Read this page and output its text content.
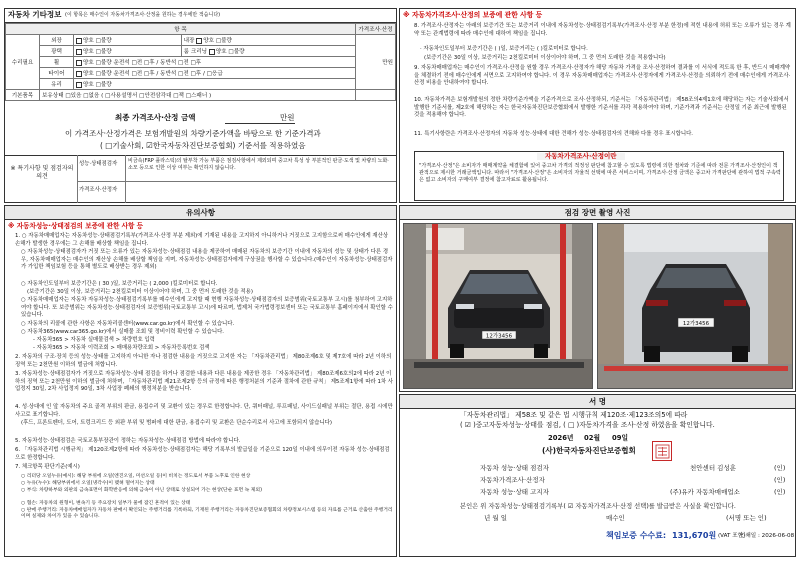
자동차 기타정보 (이 항목은 매수인이 자동차가격조사·산정을 원하는 경우에만 적습니다)
항 목				가격조사·산정
수리필요	외장	양호 □불량	내장 양호 □불량	만원
	광택	양호 □불량	룸 크리닝 양호 □불량	
	휠	양호 □불량 운전석 □전 □후 / 동반석 □전 □후		
	타이어	양호 □불량 운전석 □전 □후 / 동반석 □전 □후 / □응급		
	유리	양호 □불량		
기본품목	보유상태 □있음 □없음 ( □사용설명서 □안전삼각대 □잭 □스패너 )			
최종 가격조사·산정 금액	만원
이 가격조사·산정가격은 보험개발원의 차량기준가액을 바탕으로 한 기준가격과
( □기술사회, ☑한국자동차진단보증협회) 기준서를 적용하였음
※ 특기사항 및 점검자의 의견
성능·상태점검자	비금속(FRP 플라스틱)의 탈부착 가능 부품은 점검사항에서 제외되며 중고차 특성 상 부분적인 판금·도색 및 차량의 노화·소모 등으로 인한 이상 여부는 확인하지 않습니다.
가격조사·산정자
※ 자동차가격조사·산정의 보증에 관한 사항 등
8. 가격조사·산정자는 아래의 보증기간 또는 보증거리 이내에 자동차성능·상태점검기록부(가격조사·산정 부분 한정)에 적힌 내용에 허위 또는 오류가 있는 경우 계약 또는 관계법령에 따라 매수인에 대하여 책임을 집니다.
· 자동차인도일부터 보증기간은 ( )일, 보증거리는 ( )킬로미터로 합니다.
(보증기간은 30일 이상, 보증거리는 2천킬로미터 이상이어야 하며, 그 중 먼저 도래한 것을 적용합니다)
9. 자동차매매업자는 매수인이 가격조사·산정을 원할 경우 가격조사·산정자가 해당 자동차 가격을 조사·산정하여 결과를 이 서식에 적도록 한 후, 반드시 매매계약을 체결하기 전에 매수인에게 서면으로 고지하여야 합니다. 이 경우 자동차매매업자는 가격조사·산정자에게 가격조사·산정을 의뢰하기 전에 매수인에게 가격조사·산정 비용을 안내하여야 합니다.
10. 자동차가격은 보험개발원의 정한 차량기준가액을 기준가격으로 조사·산정하되, 기준서는 「자동차관리법」 제58조의4제1호에 해당하는 자는 기술사회에서 발행한 기준서를, 제2호에 해당하는 자는 한국자동차진단보증협회에서 발행한 기준서를 각각 적용하여야 하며, 기준가격과 기준서는 산정일 기준 최근에 발행된 것을 적용해야 합니다.
11. 특기사항란은 가격조사·산정자의 자동차 성능·상태에 대한 견해가 성능·상태점검자의 견해와 다를 경우 표시합니다.
자동차가격조사·산정이란
"가격조사·산정"은 소비자가 매매계약을 체결함에 있어 중고차 가격의 적정성 판단에 참고할 수 있도록 법령에 의한 절차와 기준에 따라 전문 가격조사·산정인이 객관적으로 제시한 거래금액입니다. 따라서 "가격조사·산정"은 소비자의 자율적 선택에 따른 서비스이며, 가격조사·산정 금액은 중고차 가격판단에 관하여 법적 구속력은 없고 소비자의 구매여부 결정에 참고자료로 활용됩니다.
유의사항
※ 자동차성능·상태점검의 보증에 관한 사항 등
1. ○ 자동차매매업자는 자동차성능·상태점검기록부(가격조사·산정 부분 제외)에 기재된 내용을 고지하지 아니하거나 거짓으로 고지함으로써 매수인에게 재산상 손해가 발생한 경우에는 그 손해를 배상할 책임을 집니다.
○ 자동차성능·상태점검자가 거짓 또는 오류가 있는 자동차성능·상태점검 내용을 제공하여 매매된 자동차의 보증기간 이내에 자동차의 성능 및 상태가 다른 경우, 자동차매매업자는 매수인의 재산상 손해를 배상할 책임을 지며, 자동차성능·상태점검자에게 구상권을 행사할 수 있습니다.(매수인이 자동차성능·상태점검자가 가입한 책임보험 등을 통해 별도로 배상받는 경우 제외)
○ 자동차인도일부터 보증기간은 ( 30 )일, 보증거리는 ( 2,000 )킬로미터로 합니다.
(보증기간은 30일 이상, 보증거리는 2천킬로미터 이상이어야 하며, 그 중 먼저 도래한 것을 적용)
○ 자동차매매업자는 자동차 자동차성능·상태점검기록부를 매수인에게 고지할 때 현행 자동차성능·상태점검자의 보증범위(국토교통부 고시)를 첨부하여 고지하여야 합니다. 또 보증범위는 자동차성능·상태점검자의 보증범위(국토교통부 고시)에 따르며, 법제처 국가법령정보센터 또는 국토교통부 홈페이지에서 확인할 수 있습니다.
○ 자동차의 리콜에 관한 사항은 자동차리콜센터(www.car.go.kr)에서 확인할 수 있습니다.
○ 자동차365(www.car365.go.kr)에서 실매물 조회 및 정비이력 확인할 수 있습니다.
- 자동차365 > 자동차 실매물검색 > 차량번호 입력
- 자동차365 > 자동차 이력조회 > 매매용차량조회 > 자동차등록번호 검색
2. 자동차의 구조·장치 등의 성능·상태를 고지하지 아니한 자나 점검한 내용을 거짓으로 고지한 자는 「자동차관리법」 제80조제6호 및 제7호에 따라 2년 이하의 징역 또는 2천만원 이하의 벌금에 처합니다.
3. 자동차성능·상태점검자가 거짓으로 자동차성능·상태 점검을 하거나 점검한 내용과 다른 내용을 제공한 경우 「자동차관리법」 제80조제6호의2에 따라 2년 이하의 징역 또는 2천만원 이하의 벌금에 처하며, 「자동차관리법 제21조제2항 등의 규정에 따른 행정처분의 기준과 절차에 관한 규칙」 제5조제1항에 따라 1차 사업정지 30일, 2차 사업정지 90일, 3차 사업장 폐쇄의 행정처분을 받습니다.
4. 성·상대에 인 앞 자동차의 주요 골격 부위의 판금, 용접수리 및 교환이 있는 경우로 한정합니다. 단, 쿼터패널, 루프패널, 사이드실패널 부위는 절단, 용접 시에만 사고로 표기합니다.
(후드, 프론트펜더, 도어, 트렁크리드 등 외판 부위 및 범퍼에 대한 판금, 용접수리 및 교환은 단순수리로서 사고에 포함되지 않습니다)
5. 자동차성능·상태점검은 국토교통부장관이 정하는 자동차성능·상태점검 방법에 따라야 합니다.
6. 「자동차관리법 시행규칙」 제120조제2항에 따라 자동차성능·상태점검자는 해당 기록부의 발급일을 기준으로 120일 이내에 의무이전 자동차 성능·상태점검으로 한정합니다.
7. 체크항목 판단기준(예시)
○ 리터당 오일누유(예시): 해당 부위에 오일(엔진오일, 미션오일 등)이 비치는 정도로서 부품 노후로 인한 현상
○ 누유(누수): 해당부위에서 오일(냉각수)이 맺혀 떨어지는 상태
○ 부식: 차량하부와 외판의 금속표면이 화학반응에 의해 금속이 아닌 상태로 상실되어 가는 현상(단순 표면 녹 제외)
○ 협손: 자동차의 원형이, 변속기 등 주요장치 일부가 물에 잠긴 흔적이 있는 상태
○ 판매 주행거리: 자동차매매업자가 자동차 판매시 확인되는 주행거리를 기록하되, 기재된 주행거리는 자동차진단보증협회의 차량정보시스템 등의 자료를 근거로 산출한 주행거리이며 실제와 차이가 있을 수 있습니다.
점검 장면 촬영 사진
12가3456
12가3456
서 명
「자동차관리법」 제58조 및 같은 법 시행규칙 제120조·제123조의5에 따라
( ☑ )중고자동차성능·상태를 점검, ( □ )자동차가격을 조사·산정 하였음을 확인합니다.
2026년 02월 09일
(사)한국자동차진단보증협회
자동차 성능·상태 점검자	천안센터 김성훈	(인)
자동차가격조사·산정자	(인)
자동차 성능·상태 고지자	(주)유카 자동차매매업소	(인)
본인은 위 자동차성능·상태점검기록부( ☑ 자동차가격조사·산정 선택)를 발급받은 사실을 확인합니다.
년 월 일	매수인	(서명 또는 인)
책임보증 수수료: 131,670원 (VAT 포함)
인쇄일 : 2026-06-08
